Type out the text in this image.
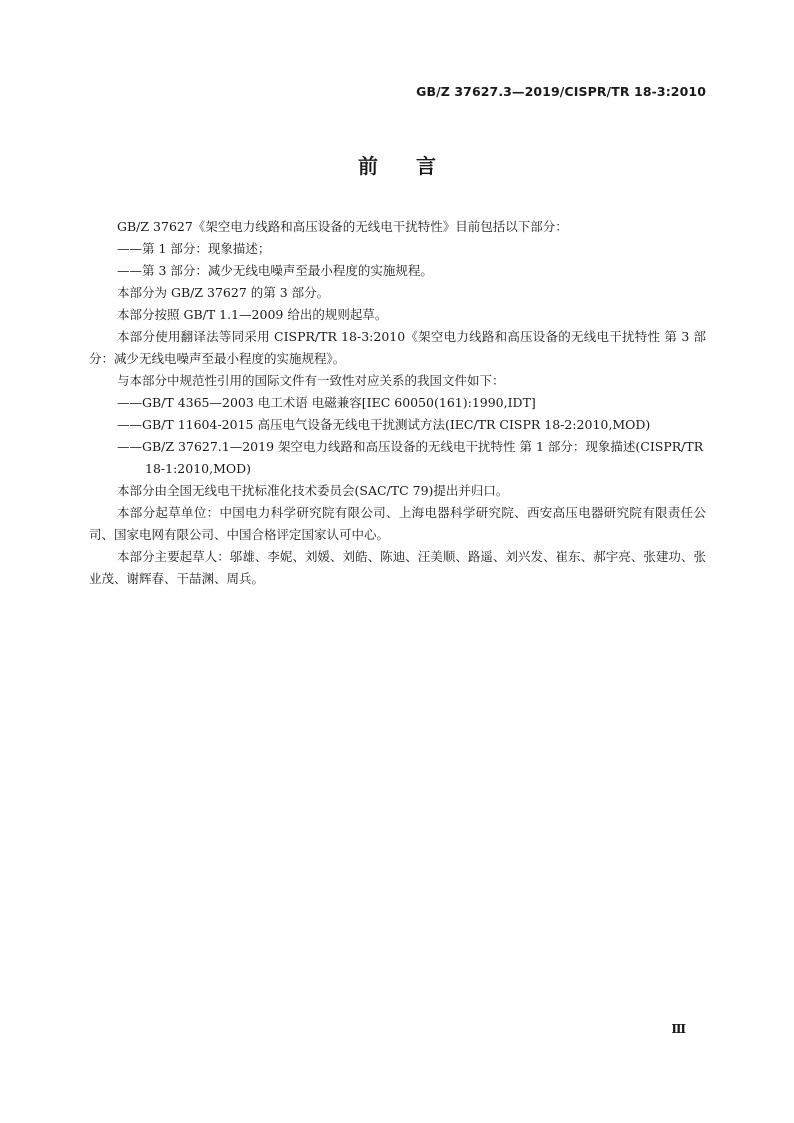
GB/Z 37627.3—2019/CISPR/TR 18-3:2010
前言

GB/Z 37627《架空电力线路和高压设备的无线电干扰特性》目前包括以下部分：

——第 1 部分：现象描述；

——第 3 部分：减少无线电噪声至最小程度的实施规程。

本部分为 GB/Z 37627 的第 3 部分。

本部分按照 GB/T 1.1—2009 给出的规则起草。

本部分使用翻译法等同采用 CISPR/TR 18-3:2010《架空电力线路和高压设备的无线电干扰特性 第 3 部分：减少无线电噪声至最小程度的实施规程》。

与本部分中规范性引用的国际文件有一致性对应关系的我国文件如下：

——GB/T 4365—2003 电工术语 电磁兼容[IEC 60050(161):1990,IDT]

——GB/T 11604-2015 高压电气设备无线电干扰测试方法(IEC/TR CISPR 18-2:2010,MOD)

——GB/Z 37627.1—2019 架空电力线路和高压设备的无线电干扰特性 第 1 部分：现象描述(CISPR/TR 18-1:2010,MOD)

本部分由全国无线电干扰标准化技术委员会(SAC/TC 79)提出并归口。

本部分起草单位：中国电力科学研究院有限公司、上海电器科学研究院、西安高压电器研究院有限责任公司、国家电网有限公司、中国合格评定国家认可中心。

本部分主要起草人：邬雄、李妮、刘媛、刘皓、陈迪、汪美顺、路遥、刘兴发、崔东、郝宇亮、张建功、张业茂、谢辉春、干喆渊、周兵。

Ⅲ
